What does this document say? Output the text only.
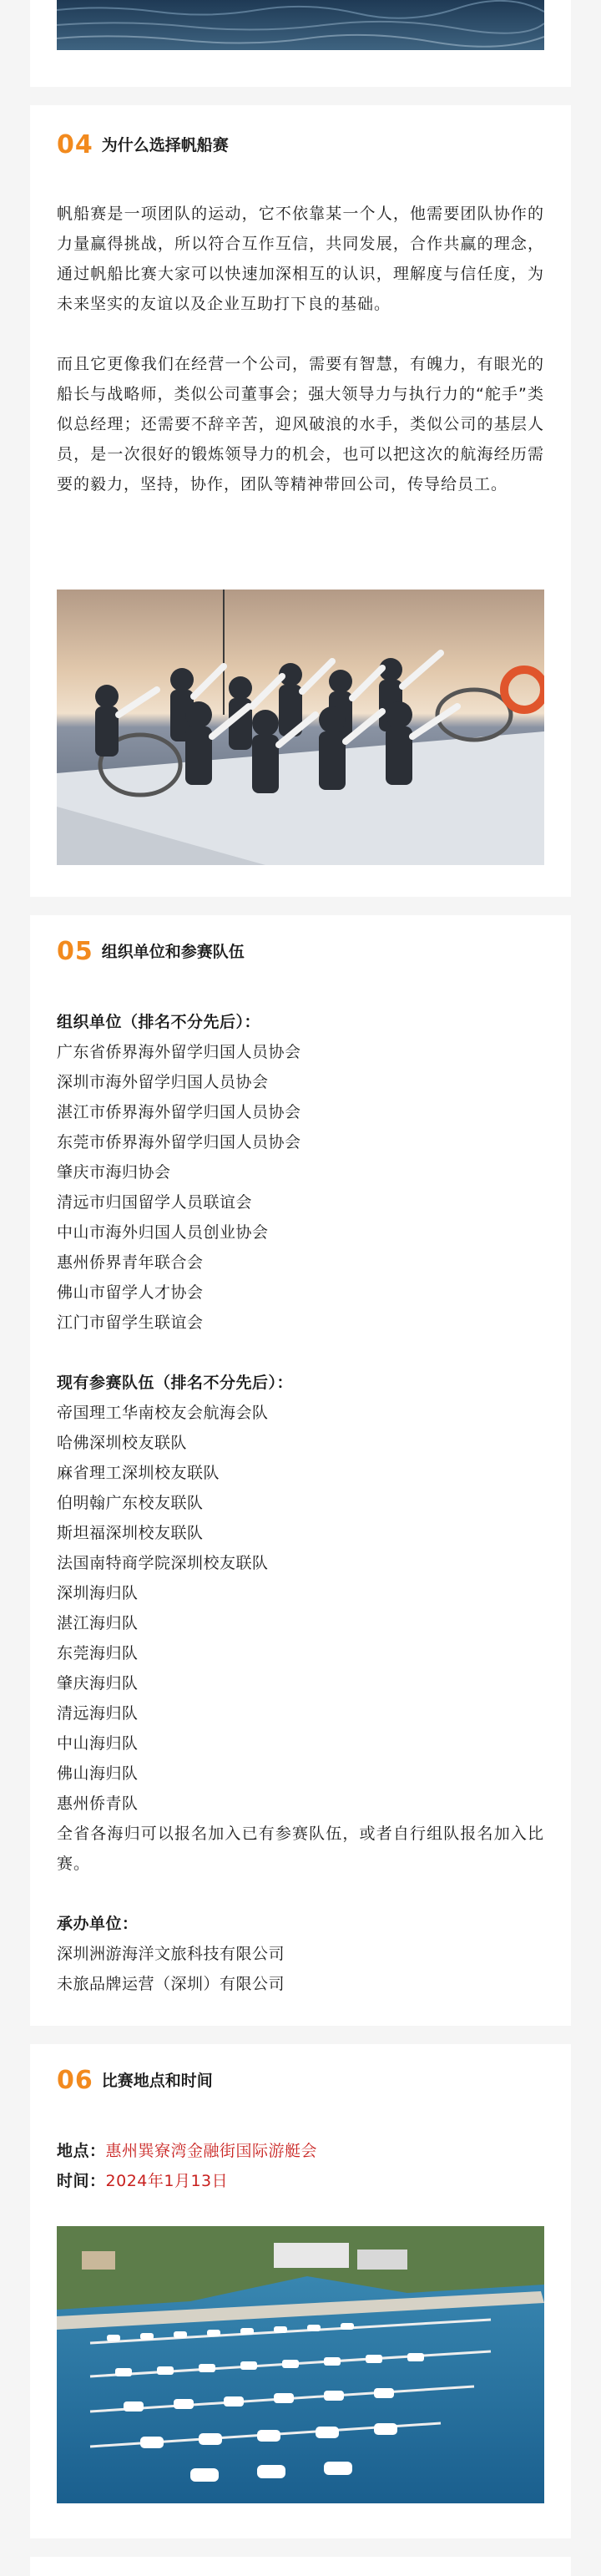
04 为什么选择帆船赛

帆船赛是一项团队的运动，它不依靠某一个人，他需要团队协作的力量赢得挑战，所以符合互作互信，共同发展，合作共赢的理念，通过帆船比赛大家可以快速加深相互的认识，理解度与信任度，为未来坚实的友谊以及企业互助打下良的基础。

而且它更像我们在经营一个公司，需要有智慧，有魄力，有眼光的船长与战略师，类似公司董事会；强大领导力与执行力的“舵手”类似总经理；还需要不辞辛苦，迎风破浪的水手，类似公司的基层人员，是一次很好的锻炼领导力的机会，也可以把这次的航海经历需要的毅力，坚持，协作，团队等精神带回公司，传导给员工。

05 组织单位和参赛队伍
组织单位（排名不分先后）：
广东省侨界海外留学归国人员协会
深圳市海外留学归国人员协会
湛江市侨界海外留学归国人员协会
东莞市侨界海外留学归国人员协会
肇庆市海归协会
清远市归国留学人员联谊会
中山市海外归国人员创业协会
惠州侨界青年联合会
佛山市留学人才协会
江门市留学生联谊会
现有参赛队伍（排名不分先后）：
帝国理工华南校友会航海会队
哈佛深圳校友联队
麻省理工深圳校友联队
伯明翰广东校友联队
斯坦福深圳校友联队
法国南特商学院深圳校友联队
深圳海归队
湛江海归队
东莞海归队
肇庆海归队
清远海归队
中山海归队
佛山海归队
惠州侨青队

全省各海归可以报名加入已有参赛队伍，或者自行组队报名加入比赛。

承办单位：
深圳洲游海洋文旅科技有限公司
未旅品牌运营（深圳）有限公司
06 比赛地点和时间
地点：惠州巽寮湾金融街国际游艇会
时间：2024年1月13日
